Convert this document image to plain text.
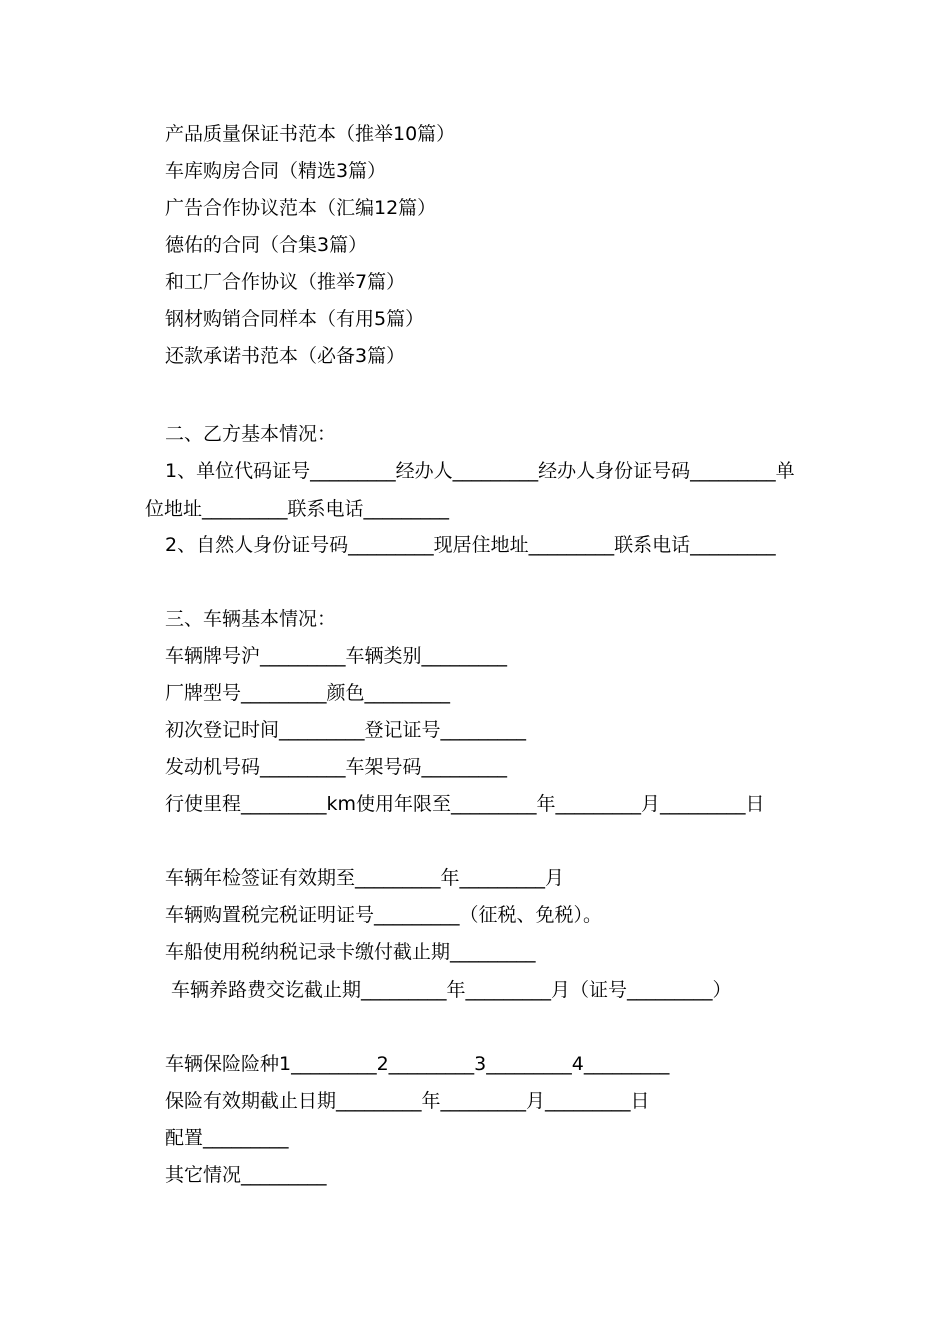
产品质量保证书范本（推举10篇）
车库购房合同（精选3篇）
广告合作协议范本（汇编12篇）
德佑的合同（合集3篇）
和工厂合作协议（推举7篇）
钢材购销合同样本（有用5篇）
还款承诺书范本（必备3篇）
二、乙方基本情况：
1、单位代码证号_________经办人_________经办人身份证号码_________单位地址_________联系电话_________
2、自然人身份证号码_________现居住地址_________联系电话_________
三、车辆基本情况：
车辆牌号沪_________车辆类别_________
厂牌型号_________颜色_________
初次登记时间_________登记证号_________
发动机号码_________车架号码_________
行使里程_________km使用年限至_________年_________月_________日
车辆年检签证有效期至_________年_________月
车辆购置税完税证明证号_________（征税、免税）。
车船使用税纳税记录卡缴付截止期_________
车辆养路费交讫截止期_________年_________月（证号_________）
车辆保险险种1_________2_________3_________4_________
保险有效期截止日期_________年_________月_________日
配置_________
其它情况_________
